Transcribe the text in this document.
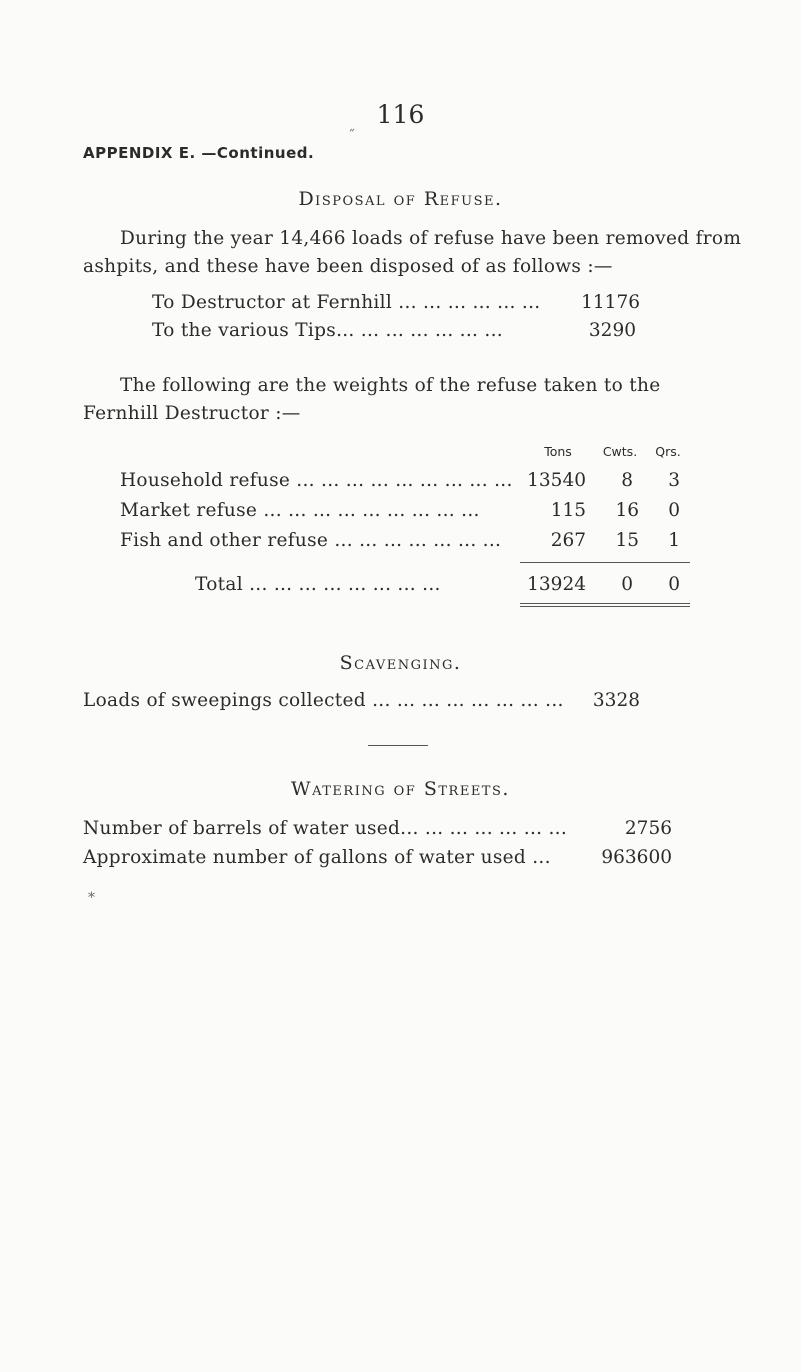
116
APPENDIX E. —Continued.
˝
Disposal of Refuse.
During the year 14,466 loads of refuse have been removed from
ashpits, and these have been disposed of as follows :—
To Destructor at Fernhill ... ... ... ... ... ...	11176
To the various Tips... ... ... ... ... ... ...	3290
The following are the weights of the refuse taken to the
Fernhill Destructor :—
Tons	Cwts.	Qrs.
Household refuse ... ... ... ... ... ... ... ... ... 13540	8	3
Market refuse ... ... ... ... ... ... ... ... ...	115	16	0
Fish and other refuse ... ... ... ... ... ... ...	267	15	1
Total ... ... ... ... ... ... ... ...	13924	0	0
Scavenging.
Loads of sweepings collected ... ... ... ... ... ... ... ...	3328
Watering of Streets.
Number of barrels of water used... ... ... ... ... ... ...	2756
Approximate number of gallons of water used ...	963600
*
